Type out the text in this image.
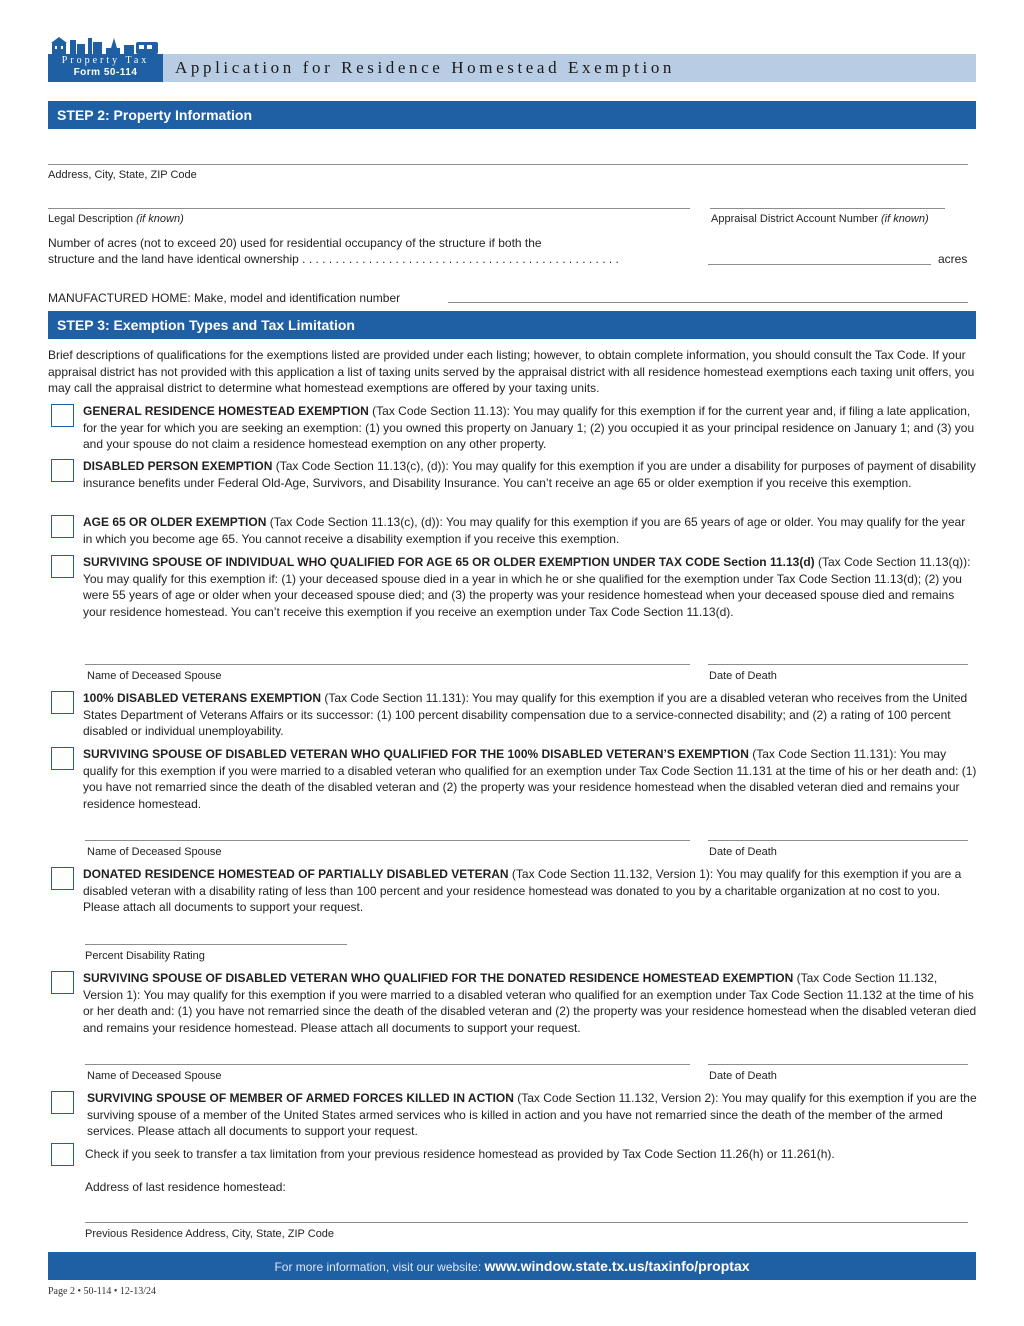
Property Tax
Form 50-114	Application for Residence Homestead Exemption
STEP 2: Property Information
Address, City, State, ZIP Code
Legal Description (if known)	Appraisal District Account Number (if known)
Number of acres (not to exceed 20) used for residential occupancy of the structure if both the
structure and the land have identical ownership . . . . . . . . . . . . . . . . . . . . . . . . . . . . . . . . . . . . . . . . . . . . . . . .	acres
MANUFACTURED HOME: Make, model and identification number
STEP 3: Exemption Types and Tax Limitation
Brief descriptions of qualifications for the exemptions listed are provided under each listing; however, to obtain complete information, you should consult the Tax Code. If your appraisal district has not provided with this application a list of taxing units served by the appraisal district with all residence homestead exemptions each taxing unit offers, you may call the appraisal district to determine what homestead exemptions are offered by your taxing units.
GENERAL RESIDENCE HOMESTEAD EXEMPTION (Tax Code Section 11.13): You may qualify for this exemption if for the current year and, if filing a late application, for the year for which you are seeking an exemption: (1) you owned this property on January 1; (2) you occupied it as your principal residence on January 1; and (3) you and your spouse do not claim a residence homestead exemption on any other property.
DISABLED PERSON EXEMPTION (Tax Code Section 11.13(c), (d)): You may qualify for this exemption if you are under a disability for purposes of payment of disability insurance benefits under Federal Old-Age, Survivors, and Disability Insurance. You can’t receive an age 65 or older exemption if you receive this exemption.
AGE 65 OR OLDER EXEMPTION (Tax Code Section 11.13(c), (d)): You may qualify for this exemption if you are 65 years of age or older. You may qualify for the year in which you become age 65. You cannot receive a disability exemption if you receive this exemption.
SURVIVING SPOUSE OF INDIVIDUAL WHO QUALIFIED FOR AGE 65 OR OLDER EXEMPTION UNDER TAX CODE Section 11.13(d) (Tax Code Section 11.13(q)): You may qualify for this exemption if: (1) your deceased spouse died in a year in which he or she qualified for the exemption under Tax Code Section 11.13(d); (2) you were 55 years of age or older when your deceased spouse died; and (3) the property was your residence homestead when your deceased spouse died and remains your residence homestead. You can’t receive this exemption if you receive an exemption under Tax Code Section 11.13(d).
Name of Deceased Spouse	Date of Death
100% DISABLED VETERANS EXEMPTION (Tax Code Section 11.131): You may qualify for this exemption if you are a disabled veteran who receives from the United States Department of Veterans Affairs or its successor: (1) 100 percent disability compensation due to a service-connected disability; and (2) a rating of 100 percent disabled or individual unemployability.
SURVIVING SPOUSE OF DISABLED VETERAN WHO QUALIFIED FOR THE 100% DISABLED VETERAN’S EXEMPTION (Tax Code Section 11.131): You may qualify for this exemption if you were married to a disabled veteran who qualified for an exemption under Tax Code Section 11.131 at the time of his or her death and: (1) you have not remarried since the death of the disabled veteran and (2) the property was your residence homestead when the disabled veteran died and remains your residence homestead.
Name of Deceased Spouse	Date of Death
DONATED RESIDENCE HOMESTEAD OF PARTIALLY DISABLED VETERAN (Tax Code Section 11.132, Version 1): You may qualify for this exemption if you are a disabled veteran with a disability rating of less than 100 percent and your residence homestead was donated to you by a charitable organization at no cost to you. Please attach all documents to support your request.
Percent Disability Rating
SURVIVING SPOUSE OF DISABLED VETERAN WHO QUALIFIED FOR THE DONATED RESIDENCE HOMESTEAD EXEMPTION (Tax Code Section 11.132, Version 1): You may qualify for this exemption if you were married to a disabled veteran who qualified for an exemption under Tax Code Section 11.132 at the time of his or her death and: (1) you have not remarried since the death of the disabled veteran and (2) the property was your residence homestead when the disabled veteran died and remains your residence homestead. Please attach all documents to support your request.
Name of Deceased Spouse	Date of Death
SURVIVING SPOUSE OF MEMBER OF ARMED FORCES KILLED IN ACTION (Tax Code Section 11.132, Version 2): You may qualify for this exemption if you are the surviving spouse of a member of the United States armed services who is killed in action and you have not remarried since the death of the member of the armed services. Please attach all documents to support your request.
Check if you seek to transfer a tax limitation from your previous residence homestead as provided by Tax Code Section 11.26(h) or 11.261(h).
Address of last residence homestead:
Previous Residence Address, City, State, ZIP Code
For more information, visit our website: www.window.state.tx.us/taxinfo/proptax
Page 2 • 50-114 • 12-13/24
